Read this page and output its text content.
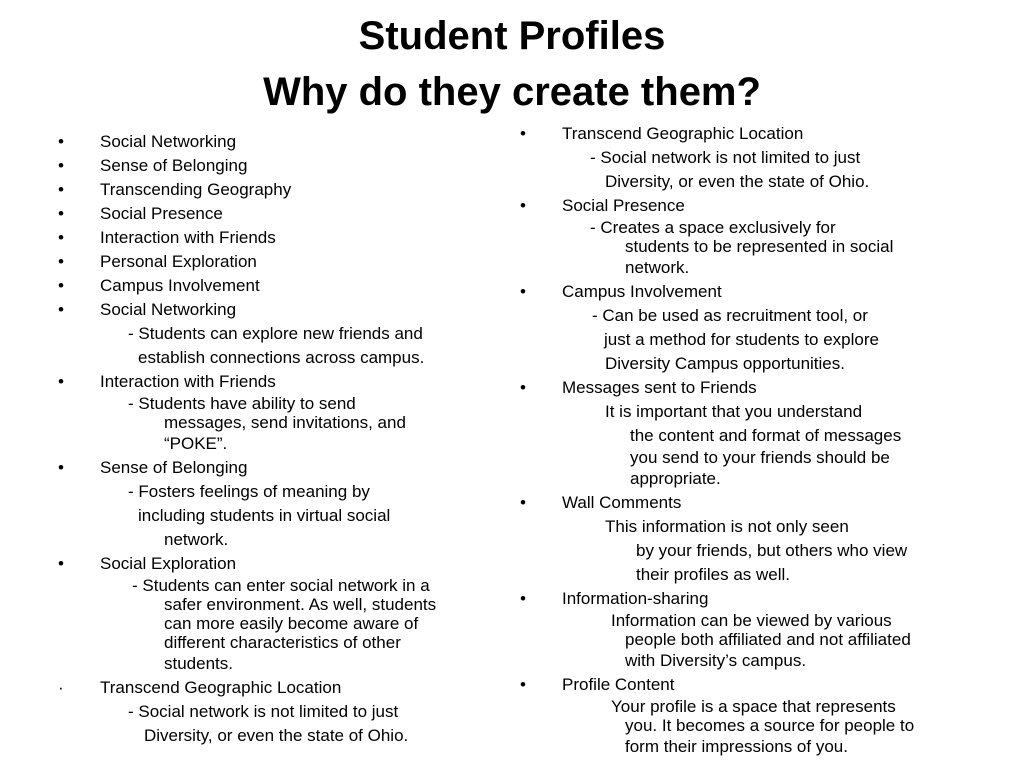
Student Profiles
Why do they create them?
•	Social Networking
•	Sense of Belonging
•	Transcending Geography
•	Social Presence
•	Interaction with Friends
•	Personal Exploration
•	Campus Involvement
•	Social Networking
- Students can explore new friends and
establish connections across campus.
•	Interaction with Friends
- Students have ability to send
messages, send invitations, and
“POKE”.
•	Sense of Belonging
- Fosters feelings of meaning by
including students in virtual social
network.
•	Social Exploration
- Students can enter social network in a
safer environment. As well, students
can more easily become aware of
different characteristics of other
students.
·	Transcend Geographic Location
- Social network is not limited to just
Diversity, or even the state of Ohio.
•	Transcend Geographic Location
- Social network is not limited to just
Diversity, or even the state of Ohio.
•	Social Presence
- Creates a space exclusively for
students to be represented in social
network.
•	Campus Involvement
- Can be used as recruitment tool, or
just a method for students to explore
Diversity Campus opportunities.
•	Messages sent to Friends
It is important that you understand
the content and format of messages
you send to your friends should be
appropriate.
•	Wall Comments
This information is not only seen
by your friends, but others who view
their profiles as well.
•	Information-sharing
Information can be viewed by various
people both affiliated and not affiliated
with Diversity’s campus.
•	Profile Content
Your profile is a space that represents
you. It becomes a source for people to
form their impressions of you.
